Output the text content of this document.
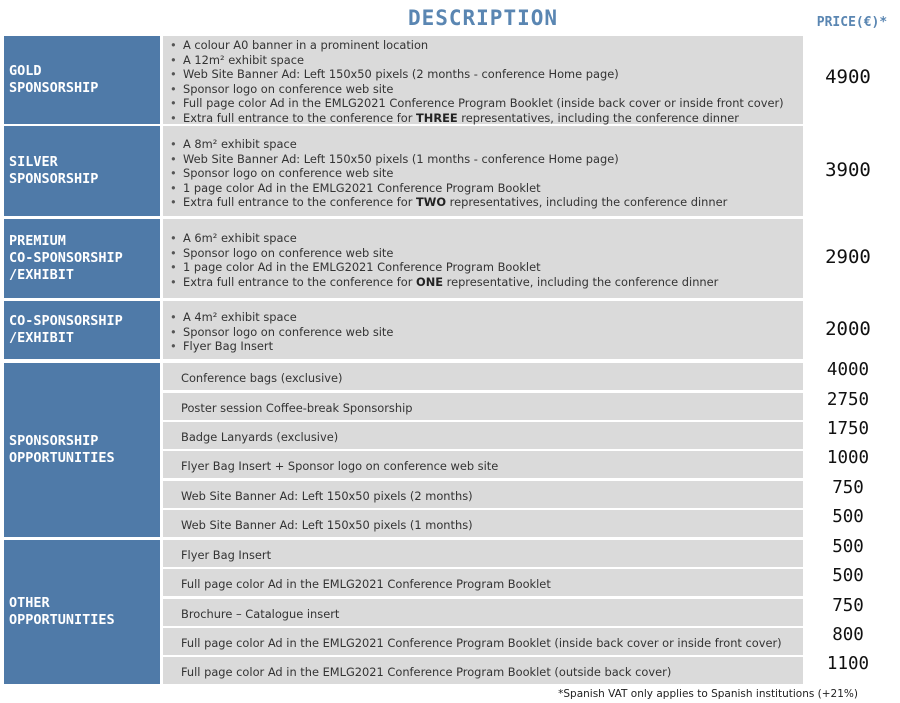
DESCRIPTION	PRICE(€)*
GOLD
SPONSORSHIP
• A colour A0 banner in a prominent location
• A 12m² exhibit space
• Web Site Banner Ad: Left 150x50 pixels (2 months - conference Home page)
• Sponsor logo on conference web site
• Full page color Ad in the EMLG2021 Conference Program Booklet (inside back cover or inside front cover)
• Extra full entrance to the conference for THREE representatives, including the conference dinner
4900
SILVER
SPONSORSHIP
• A 8m² exhibit space
• Web Site Banner Ad: Left 150x50 pixels (1 months - conference Home page)
• Sponsor logo on conference web site
• 1 page color Ad in the EMLG2021 Conference Program Booklet
• Extra full entrance to the conference for TWO representatives, including the conference dinner
3900
PREMIUM
CO-SPONSORSHIP
/EXHIBIT
• A 6m² exhibit space
• Sponsor logo on conference web site
• 1 page color Ad in the EMLG2021 Conference Program Booklet
• Extra full entrance to the conference for ONE representative, including the conference dinner
2900
CO-SPONSORSHIP
/EXHIBIT
• A 4m² exhibit space
• Sponsor logo on conference web site
• Flyer Bag Insert
2000
SPONSORSHIP
OPPORTUNITIES
Conference bags (exclusive)
Poster session Coffee-break Sponsorship
Badge Lanyards (exclusive)
Flyer Bag Insert + Sponsor logo on conference web site
Web Site Banner Ad: Left 150x50 pixels (2 months)
Web Site Banner Ad: Left 150x50 pixels (1 months)
4000
2750
1750
1000
750
500
OTHER
OPPORTUNITIES
Flyer Bag Insert
Full page color Ad in the EMLG2021 Conference Program Booklet
Brochure – Catalogue insert
Full page color Ad in the EMLG2021 Conference Program Booklet (inside back cover or inside front cover)
Full page color Ad in the EMLG2021 Conference Program Booklet (outside back cover)
500
500
750
800
1100
*Spanish VAT only applies to Spanish institutions (+21%)
